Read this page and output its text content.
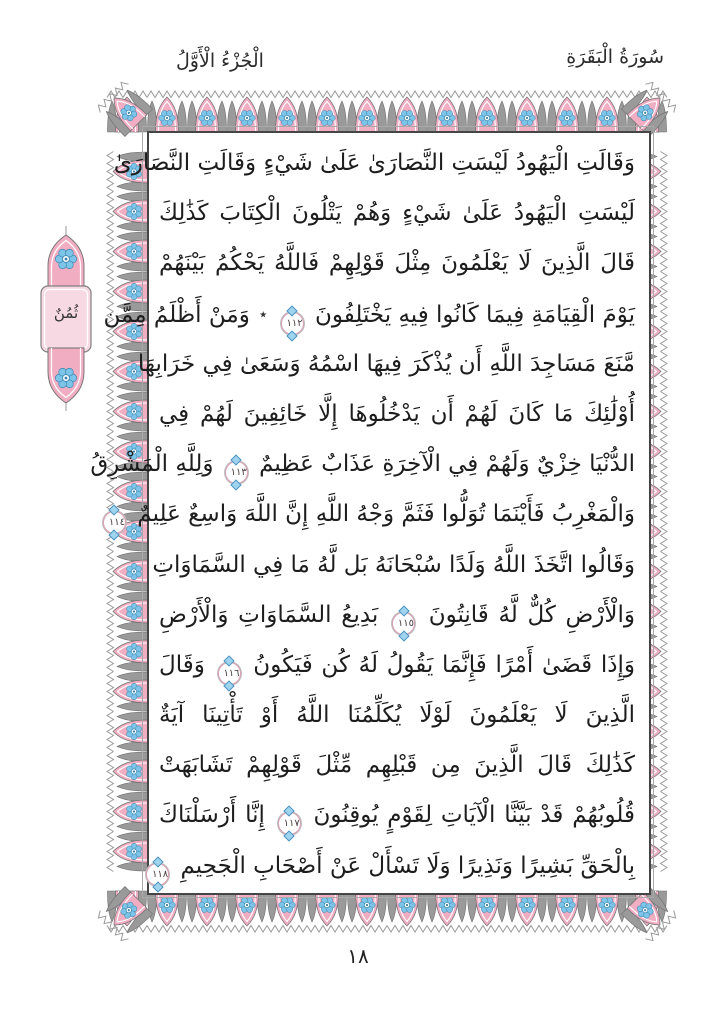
سُورَةُ الْبَقَرَةِ
الْجُزْءُ الْأَوَّلُ
وَقَالَتِ الْيَهُودُ لَيْسَتِ النَّصَارَىٰ عَلَىٰ شَيْءٍ وَقَالَتِ النَّصَارَىٰ
لَيْسَتِ الْيَهُودُ عَلَىٰ شَيْءٍ وَهُمْ يَتْلُونَ الْكِتَابَ كَذَٰلِكَ
قَالَ الَّذِينَ لَا يَعْلَمُونَ مِثْلَ قَوْلِهِمْ فَاللَّهُ يَحْكُمُ بَيْنَهُمْ
يَوْمَ الْقِيَامَةِ فِيمَا كَانُوا فِيهِ يَخْتَلِفُونَ ١١٢ ٭ وَمَنْ أَظْلَمُ مِمَّن
مَّنَعَ مَسَاجِدَ اللَّهِ أَن يُذْكَرَ فِيهَا اسْمُهُ وَسَعَىٰ فِي خَرَابِهَا
أُوْلَٰئِكَ مَا كَانَ لَهُمْ أَن يَدْخُلُوهَا إِلَّا خَائِفِينَ لَهُمْ فِي
الدُّنْيَا خِزْيٌ وَلَهُمْ فِي الْآخِرَةِ عَذَابٌ عَظِيمٌ ١١٣ وَلِلَّهِ الْمَشْرِقُ
وَالْمَغْرِبُ فَأَيْنَمَا تُوَلُّوا فَثَمَّ وَجْهُ اللَّهِ إِنَّ اللَّهَ وَاسِعٌ عَلِيمٌ ١١٤
وَقَالُوا اتَّخَذَ اللَّهُ وَلَدًا سُبْحَانَهُ بَل لَّهُ مَا فِي السَّمَاوَاتِ
وَالْأَرْضِ كُلٌّ لَّهُ قَانِتُونَ ١١٥ بَدِيعُ السَّمَاوَاتِ وَالْأَرْضِ
وَإِذَا قَضَىٰ أَمْرًا فَإِنَّمَا يَقُولُ لَهُ كُن فَيَكُونُ ١١٦ وَقَالَ
الَّذِينَ لَا يَعْلَمُونَ لَوْلَا يُكَلِّمُنَا اللَّهُ أَوْ تَأْتِينَا آيَةٌ
كَذَٰلِكَ قَالَ الَّذِينَ مِن قَبْلِهِم مِّثْلَ قَوْلِهِمْ تَشَابَهَتْ
قُلُوبُهُمْ قَدْ بَيَّنَّا الْآيَاتِ لِقَوْمٍ يُوقِنُونَ ١١٧ إِنَّا أَرْسَلْنَاكَ
بِالْحَقِّ بَشِيرًا وَنَذِيرًا وَلَا تَسْأَلْ عَنْ أَصْحَابِ الْجَحِيمِ ١١٨
ثُمُنٌ
١٨
